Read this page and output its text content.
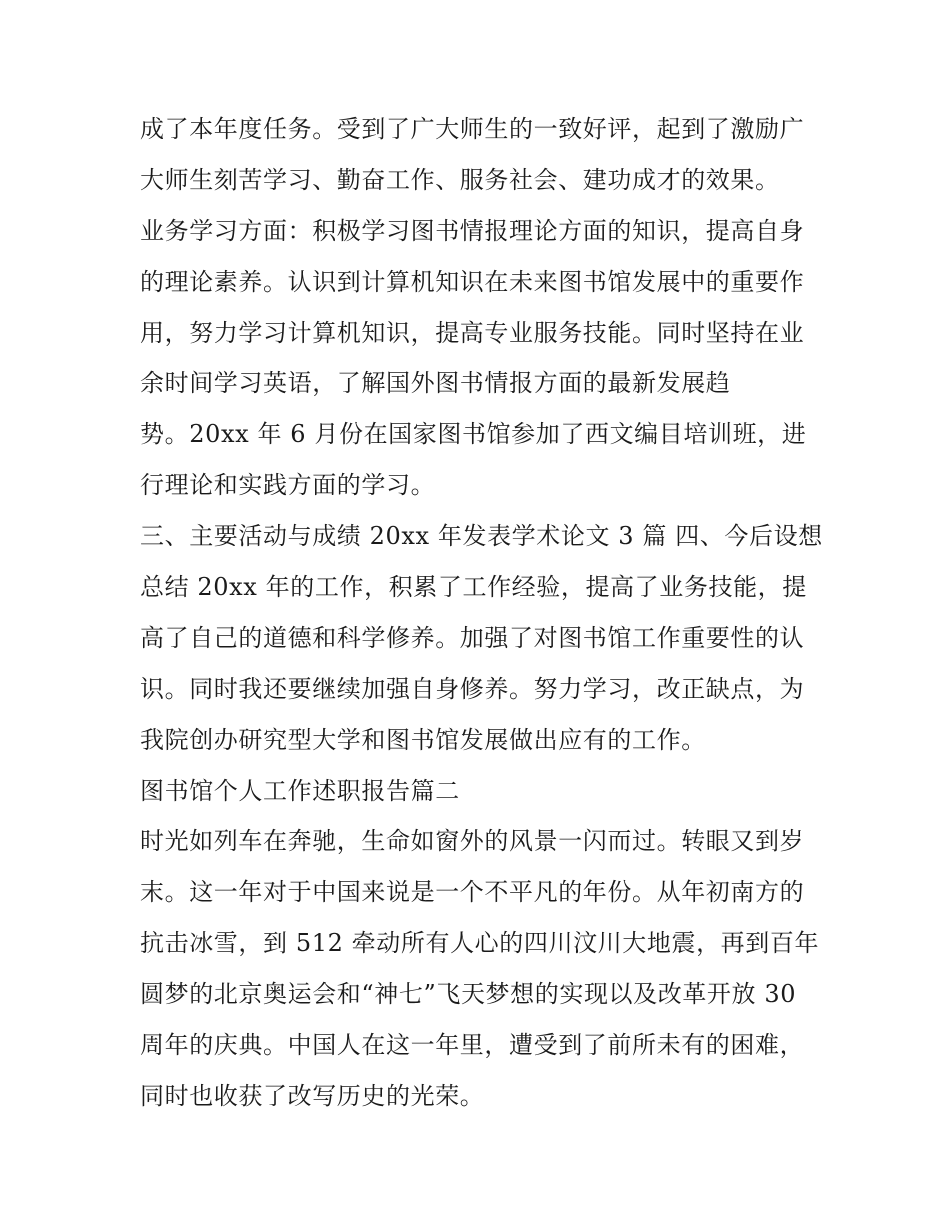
成了本年度任务。受到了广大师生的一致好评，起到了激励广
大师生刻苦学习、勤奋工作、服务社会、建功成才的效果。
业务学习方面：积极学习图书情报理论方面的知识，提高自身
的理论素养。认识到计算机知识在未来图书馆发展中的重要作
用，努力学习计算机知识，提高专业服务技能。同时坚持在业
余时间学习英语，了解国外图书情报方面的最新发展趋
势。20xx 年 6 月份在国家图书馆参加了西文编目培训班，进
行理论和实践方面的学习。
三、主要活动与成绩 20xx 年发表学术论文 3 篇 四、今后设想
总结 20xx 年的工作，积累了工作经验，提高了业务技能，提
高了自己的道德和科学修养。加强了对图书馆工作重要性的认
识。同时我还要继续加强自身修养。努力学习，改正缺点，为
我院创办研究型大学和图书馆发展做出应有的工作。
图书馆个人工作述职报告篇二
时光如列车在奔驰，生命如窗外的风景一闪而过。转眼又到岁
末。这一年对于中国来说是一个不平凡的年份。从年初南方的
抗击冰雪，到 512 牵动所有人心的四川汶川大地震，再到百年
圆梦的北京奥运会和“神七”飞天梦想的实现以及改革开放 30
周年的庆典。中国人在这一年里，遭受到了前所未有的困难，
同时也收获了改写历史的光荣。
